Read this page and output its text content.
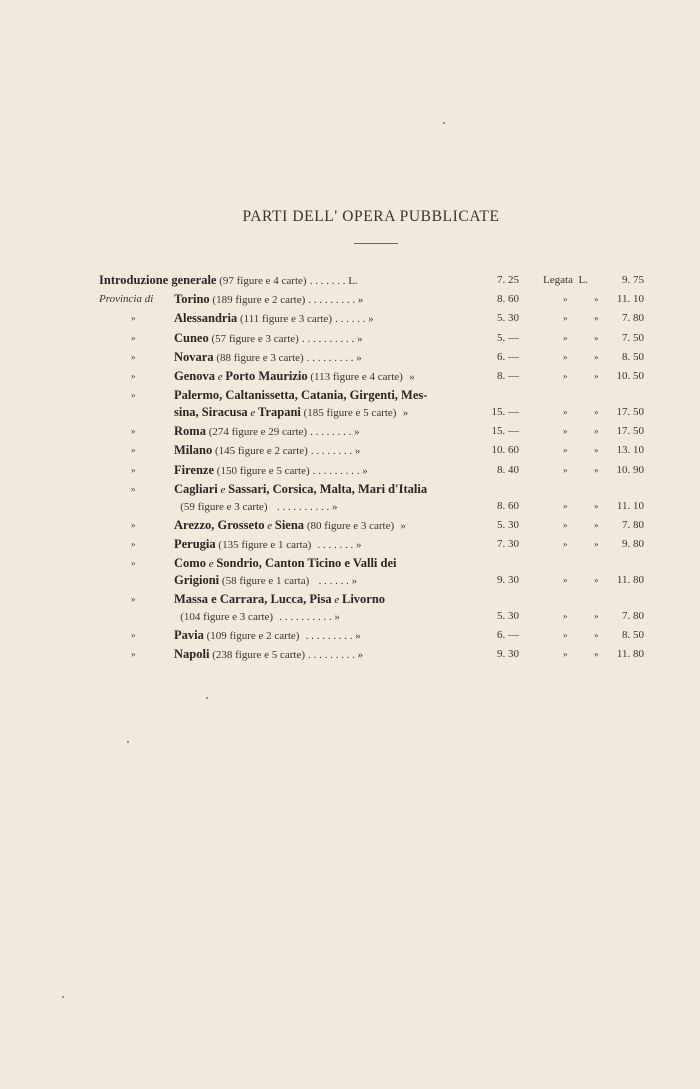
PARTI DELL' OPERA PUBBLICATE
Introduzione generale (97 figure e 4 carte) . . . . . . . L.	7. 25 Legata L.	9. 75
Provincia di Torino (189 figure e 2 carte) . . . . . . . . . »	8. 60	»	» 11. 10
»	Alessandria (111 figure e 3 carte) . . . . . . »	5. 30	»	» 7. 80
»	Cuneo (57 figure e 3 carte) . . . . . . . . . . »	5. —	»	» 7. 50
»	Novara (88 figure e 3 carte) . . . . . . . . . »	6. —	»	» 8. 50
»	Genova e Porto Maurizio (113 figure e 4 carte) »	8. —	»	» 10. 50
»	Palermo, Caltanissetta, Catania, Girgenti, Mes-
sina, Siracusa e Trapani (185 figure e 5 carte) »	15. —	»	» 17. 50
»	Roma (274 figure e 29 carte) . . . . . . . . »	15. —	»	» 17. 50
»	Milano (145 figure e 2 carte) . . . . . . . . »	10. 60	»	» 13. 10
»	Firenze (150 figure e 5 carte) . . . . . . . . . »	8. 40	»	» 10. 90
»	Cagliari e Sassari, Corsica, Malta, Mari d'Italia
(59 figure e 3 carte) . . . . . . . . . . »	8. 60	»	» 11. 10
»	Arezzo, Grosseto e Siena (80 figure e 3 carte) »	5. 30	»	» 7. 80
»	Perugia (135 figure e 1 carta) . . . . . . . »	7. 30	»	» 9. 80
»	Como e Sondrio, Canton Ticino e Valli dei
Grigioni (58 figure e 1 carta) . . . . . . »	9. 30	»	» 11. 80
»	Massa e Carrara, Lucca, Pisa e Livorno
(104 figure e 3 carte) . . . . . . . . . . »	5. 30	»	» 7. 80
»	Pavia (109 figure e 2 carte) . . . . . . . . . »	6. —	»	» 8. 50
»	Napoli (238 figure e 5 carte) . . . . . . . . . »	9. 30	»	» 11. 80
